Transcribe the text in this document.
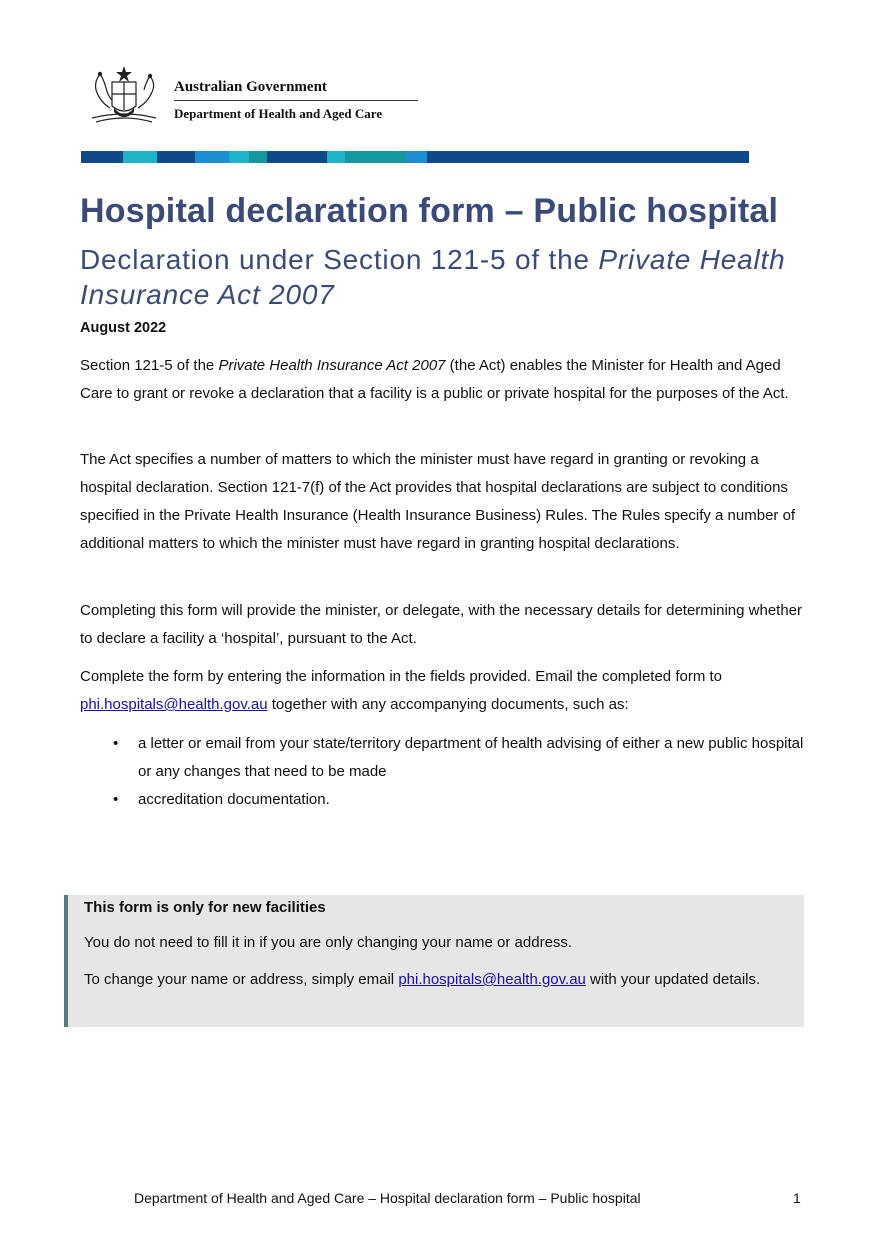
Australian Government
Department of Health and Aged Care
Hospital declaration form – Public hospital

Declaration under Section 121-5 of the Private Health Insurance Act 2007

August 2022

Section 121-5 of the Private Health Insurance Act 2007 (the Act) enables the Minister for Health and Aged Care to grant or revoke a declaration that a facility is a public or private hospital for the purposes of the Act.

The Act specifies a number of matters to which the minister must have regard in granting or revoking a hospital declaration. Section 121-7(f) of the Act provides that hospital declarations are subject to conditions specified in the Private Health Insurance (Health Insurance Business) Rules. The Rules specify a number of additional matters to which the minister must have regard in granting hospital declarations.

Completing this form will provide the minister, or delegate, with the necessary details for determining whether to declare a facility a ‘hospital’, pursuant to the Act.

Complete the form by entering the information in the fields provided. Email the completed form to phi.hospitals@health.gov.au together with any accompanying documents, such as:

• a letter or email from your state/territory department of health advising of either a new public hospital or any changes that need to be made
• accreditation documentation.
This form is only for new facilities

You do not need to fill it in if you are only changing your name or address.

To change your name or address, simply email phi.hospitals@health.gov.au with your updated details.

Department of Health and Aged Care – Hospital declaration form – Public hospital	1
